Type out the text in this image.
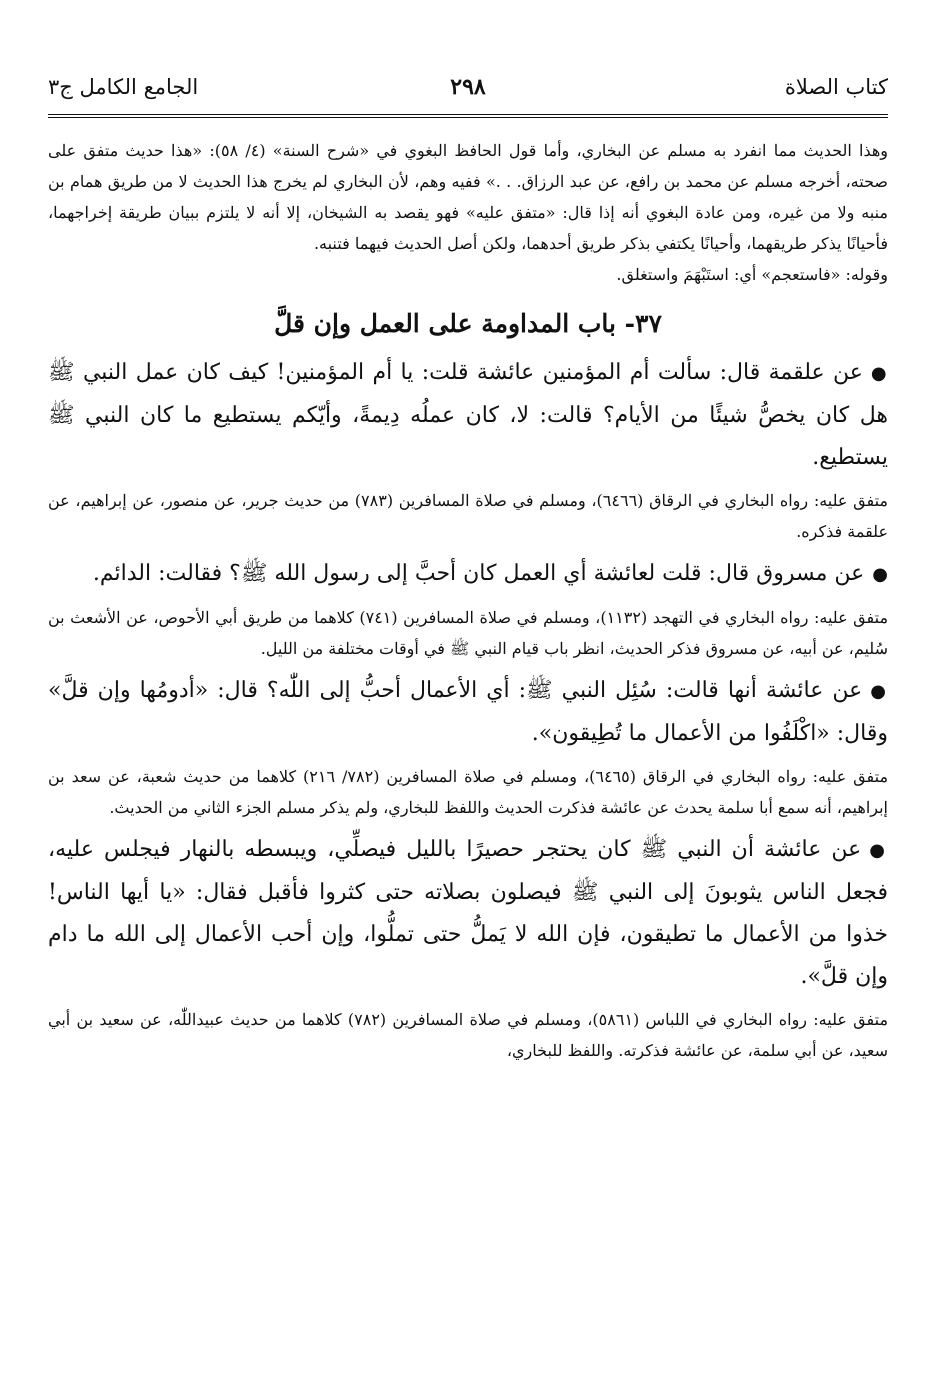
كتاب الصلاة
٢٩٨
الجامع الكامل ج٣

وهذا الحديث مما انفرد به مسلم عن البخاري، وأما قول الحافظ البغوي في «شرح السنة» (٤/ ٥٨): «هذا حديث متفق على صحته، أخرجه مسلم عن محمد بن رافع، عن عبد الرزاق. . .» ففيه وهم، لأن البخاري لم يخرج هذا الحديث لا من طريق همام بن منبه ولا من غيره، ومن عادة البغوي أنه إذا قال: «متفق عليه» فهو يقصد به الشيخان، إلا أنه لا يلتزم ببيان طريقة إخراجهما، فأحيانًا يذكر طريقهما، وأحيانًا يكتفي بذكر طريق أحدهما، ولكن أصل الحديث فيهما فتنبه.

وقوله: «فاستعجم» أي: استَبْهَمَ واستغلق.

٣٧- باب المداومة على العمل وإن قلَّ

●عن علقمة قال: سألت أم المؤمنين عائشة قلت: يا أم المؤمنين! كيف كان عمل النبي ﷺ هل كان يخصُّ شيئًا من الأيام؟ قالت: لا، كان عملُه دِيمةً، وأيّكم يستطيع ما كان النبي ﷺ يستطيع.

متفق عليه: رواه البخاري في الرقاق (٦٤٦٦)، ومسلم في صلاة المسافرين (٧٨٣) من حديث جرير، عن منصور، عن إبراهيم، عن علقمة فذكره.

●عن مسروق قال: قلت لعائشة أي العمل كان أحبَّ إلى رسول الله ﷺ؟ فقالت: الدائم.

متفق عليه: رواه البخاري في التهجد (١١٣٢)، ومسلم في صلاة المسافرين (٧٤١) كلاهما من طريق أبي الأحوص، عن الأشعث بن سُليم، عن أبيه، عن مسروق فذكر الحديث، انظر باب قيام النبي ﷺ في أوقات مختلفة من الليل.

●عن عائشة أنها قالت: سُئِل النبي ﷺ: أي الأعمال أحبُّ إلى اللّٰه؟ قال: «أدومُها وإن قلَّ» وقال: «اكْلَفُوا من الأعمال ما تُطِيقون».

متفق عليه: رواه البخاري في الرقاق (٦٤٦٥)، ومسلم في صلاة المسافرين (٧٨٢/ ٢١٦) كلاهما من حديث شعبة، عن سعد بن إبراهيم، أنه سمع أبا سلمة يحدث عن عائشة فذكرت الحديث واللفظ للبخاري، ولم يذكر مسلم الجزء الثاني من الحديث.

●عن عائشة أن النبي ﷺ كان يحتجر حصيرًا بالليل فيصلِّي، ويبسطه بالنهار فيجلس عليه، فجعل الناس يثوبونَ إلى النبي ﷺ فيصلون بصلاته حتى كثروا فأقبل فقال: «يا أيها الناس! خذوا من الأعمال ما تطيقون، فإن الله لا يَملُّ حتى تملُّوا، وإن أحب الأعمال إلى الله ما دام وإن قلَّ».

متفق عليه: رواه البخاري في اللباس (٥٨٦١)، ومسلم في صلاة المسافرين (٧٨٢) كلاهما من حديث عبيداللّٰه، عن سعيد بن أبي سعيد، عن أبي سلمة، عن عائشة فذكرته. واللفظ للبخاري،
